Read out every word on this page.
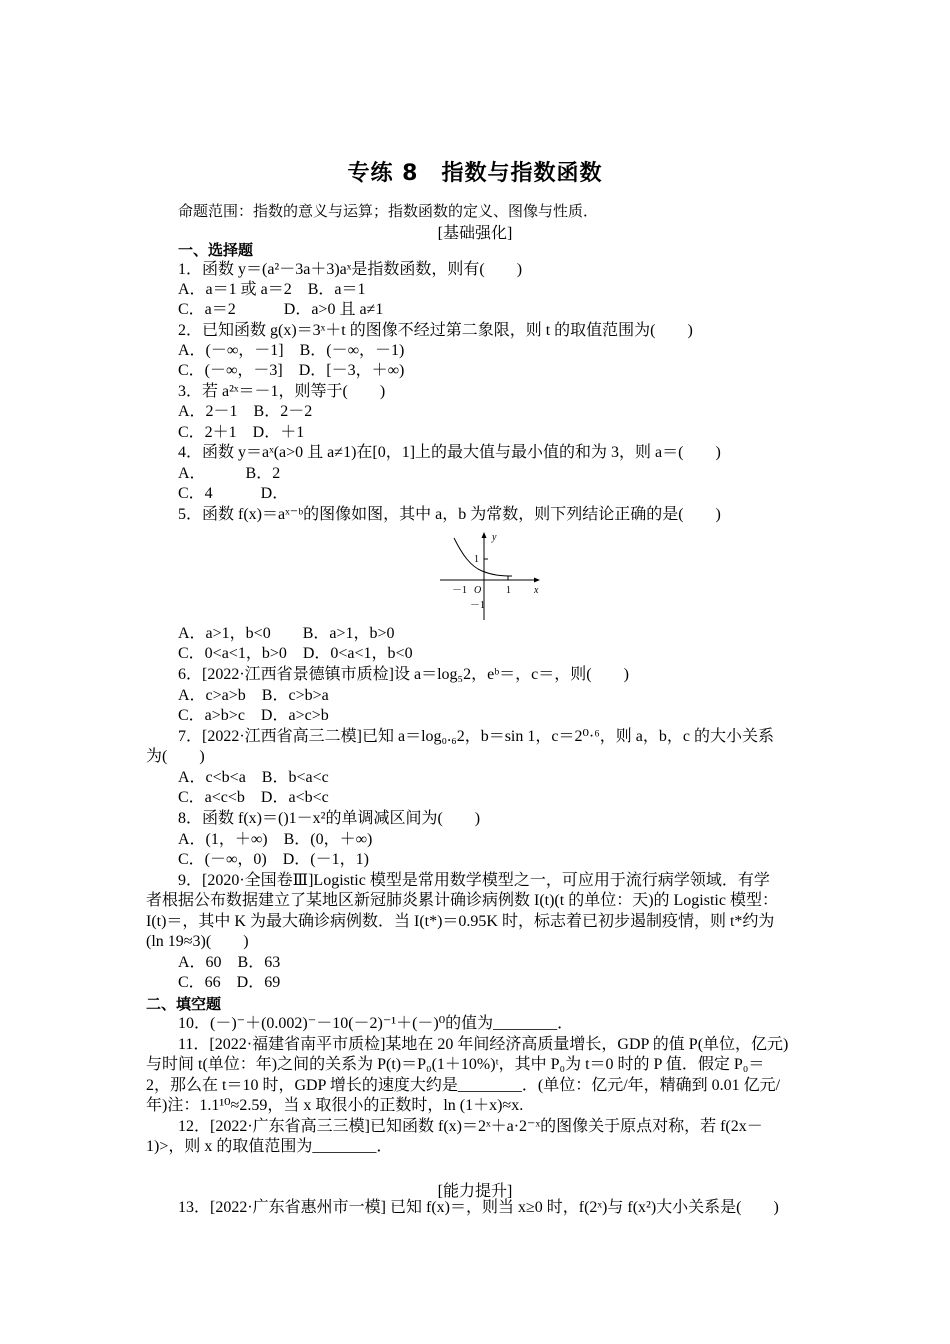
专练 8　指数与指数函数
命题范围：指数的意义与运算；指数函数的定义、图像与性质．
[基础强化]
一、选择题
1．函数 y＝(a²－3a＋3)aˣ是指数函数，则有(　　)
A．a＝1 或 a＝2　B．a＝1
C．a＝2　　　D．a>0 且 a≠1
2．已知函数 g(x)＝3ˣ＋t 的图像不经过第二象限，则 t 的取值范围为(　　)
A．(－∞，－1]　B．(－∞，－1)
C．(－∞，－3]　D．[－3，＋∞)
3．若 a²ˣ＝－1，则等于(　　)
A．2－1　B．2－2
C．2＋1　D．＋1
4．函数 y＝aˣ(a>0 且 a≠1)在[0，1]上的最大值与最小值的和为 3，则 a＝(　　)
A．　　　B．2
C．4　　　D．
5．函数 f(x)＝aˣ⁻ᵇ的图像如图，其中 a，b 为常数，则下列结论正确的是(　　)
y
x
1
－1
－1 O 1
A．a>1，b<0　　B．a>1，b>0
C．0<a<1，b>0　D．0<a<1，b<0
6．[2022·江西省景德镇市质检]设 a＝log₅2，eᵇ＝，c＝，则(　　)
A．c>a>b　B．c>b>a
C．a>b>c　D．a>c>b
7．[2022·江西省高三二模]已知 a＝log₀.₆2，b＝sin 1，c＝2⁰·⁶，则 a，b，c 的大小关系
为(　　)
A．c<b<a　B．b<a<c
C．a<c<b　D．a<b<c
8．函数 f(x)＝()1－x²的单调减区间为(　　)
A．(1，＋∞)　B．(0，＋∞)
C．(－∞，0)　D．(－1，1)
9．[2020·全国卷Ⅲ]Logistic 模型是常用数学模型之一，可应用于流行病学领域．有学
者根据公布数据建立了某地区新冠肺炎累计确诊病例数 I(t)(t 的单位：天)的 Logistic 模型：
I(t)＝，其中 K 为最大确诊病例数．当 I(t*)＝0.95K 时，标志着已初步遏制疫情，则 t*约为
(ln 19≈3)(　　)
A．60　B．63
C．66　D．69
二、填空题
10．(－)⁻＋(0.002)⁻－10(－2)⁻¹＋(－)⁰的值为________．
11．[2022·福建省南平市质检]某地在 20 年间经济高质量增长，GDP 的值 P(单位，亿元)
与时间 t(单位：年)之间的关系为 P(t)＝P₀(1＋10%)ᵗ，其中 P₀为 t＝0 时的 P 值．假定 P₀＝
2，那么在 t＝10 时，GDP 增长的速度大约是________．(单位：亿元/年，精确到 0.01 亿元/
年)注：1.1¹⁰≈2.59，当 x 取很小的正数时，ln (1＋x)≈x.
12．[2022·广东省高三三模]已知函数 f(x)＝2ˣ＋a·2⁻ˣ的图像关于原点对称，若 f(2x－
1)>，则 x 的取值范围为________．
[能力提升]
13．[2022·广东省惠州市一模] 已知 f(x)＝，则当 x≥0 时，f(2ˣ)与 f(x²)大小关系是(　　)
